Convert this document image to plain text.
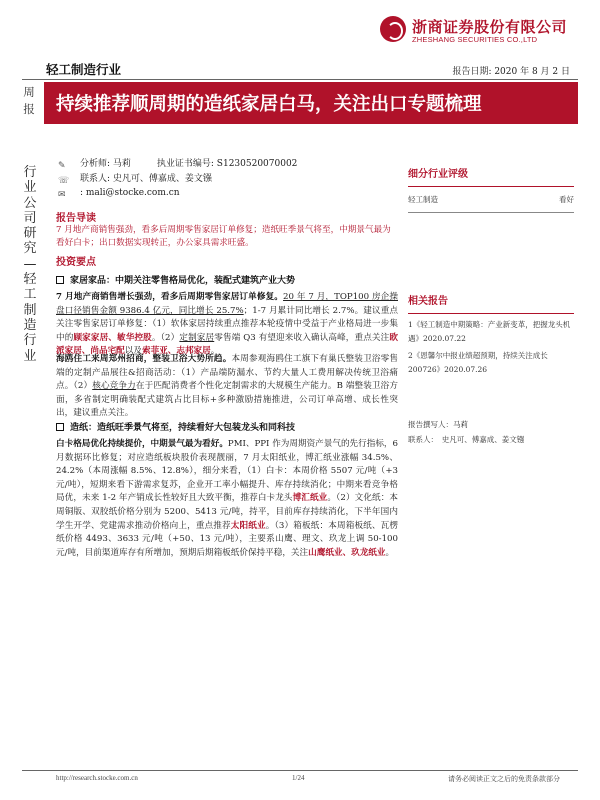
浙商证券股份有限公司
ZHESHANG SECURITIES CO.,LTD
轻工制造行业	报告日期: 2020 年 8 月 2 日
周报 持续推荐顺周期的造纸家居白马，关注出口专题梳理
行业公司研究—轻工制造行业
✎ 分析师: 马莉	执业证书编号: S1230520070002
☏ 联系人: 史凡可、傅嘉成、姜文镪
✉ : mali@stocke.com.cn
报告导读
7 月地产商销售强劲，看多后周期零售家居订单修复；造纸旺季景气将至，中期景气最为看好白卡；出口数据实现转正，办公家具需求旺盛。
投资要点
家居家品：中期关注零售格局优化，装配式建筑产业大势
7 月地产商销售增长强劲，看多后周期零售家居订单修复。20 年 7 月，TOP100 房企操盘口径销售金额 9386.4 亿元，同比增长 25.7%；1-7 月累计同比增长 2.7%。建议重点关注零售家居订单修复：（1）软体家居持续重点推荐本轮疫情中受益于产业格局进一步集中的顾家家居、敏华控股。（2）定制家居零售端 Q3 有望迎来收入确认高峰，重点关注欧派家居、尚品宅配以及索菲亚、志邦家居。
海鸥住工来周郑州招商，整装卫浴大势所趋。本周参观海鸥住工旗下有巢氏整装卫浴零售端的定制产品展往&招商活动：（1）产品端防漏水、节约大量人工费用解决传统卫浴痛点。（2）核心竞争力在于匹配消费者个性化定制需求的大规模生产能力。B 端整装卫浴方面，多省制定明确装配式建筑占比目标+多种激励措施推进，公司订单高增、成长性突出，建议重点关注。
造纸：造纸旺季景气将至，持续看好大包装龙头和同科技
白卡格局优化持续提价，中期景气最为看好。PMI、PPI 作为周期资产景气的先行指标，6 月数据环比修复；对应造纸板块股价表现靓丽，7 月太阳纸业，博汇纸业涨幅 34.5%、24.2%（本周涨幅 8.5%、12.8%），细分来看，（1）白卡：本周价格 5507 元/吨（+3 元/吨），短期来看下游需求复苏，企业开工率小幅提升、库存持续消化；中期来看竞争格局优，未来 1-2 年产销成长性较好且大致平衡，推荐白卡龙头博汇纸业。（2）文化纸：本周铜版、双胶纸价格分别为 5200、5413 元/吨，持平，目前库存持续消化，下半年国内学生开学、党建需求推动价格向上，重点推荐太阳纸业。（3）箱板纸：本周箱板纸、瓦楞纸价格 4493、3633 元/吨（+50、13 元/吨），主要系山鹰、理文、玖龙上调 50-100 元/吨，目前渠道库存有所增加，预期后期箱板纸价保持平稳，关注山鹰纸业、玖龙纸业。
细分行业评级
轻工制造	看好
相关报告
1《轻工制造中期策略：产业新变革，把握龙头机遇》2020.07.22
2《恩馨尔中报业绩超预期，持续关注成长 200726》2020.07.26
报告撰写人：马莉
联系人：　史凡可、傅嘉成、姜文镪
http://research.stocke.com.cn	1/24	请务必阅读正文之后的免责条款部分
